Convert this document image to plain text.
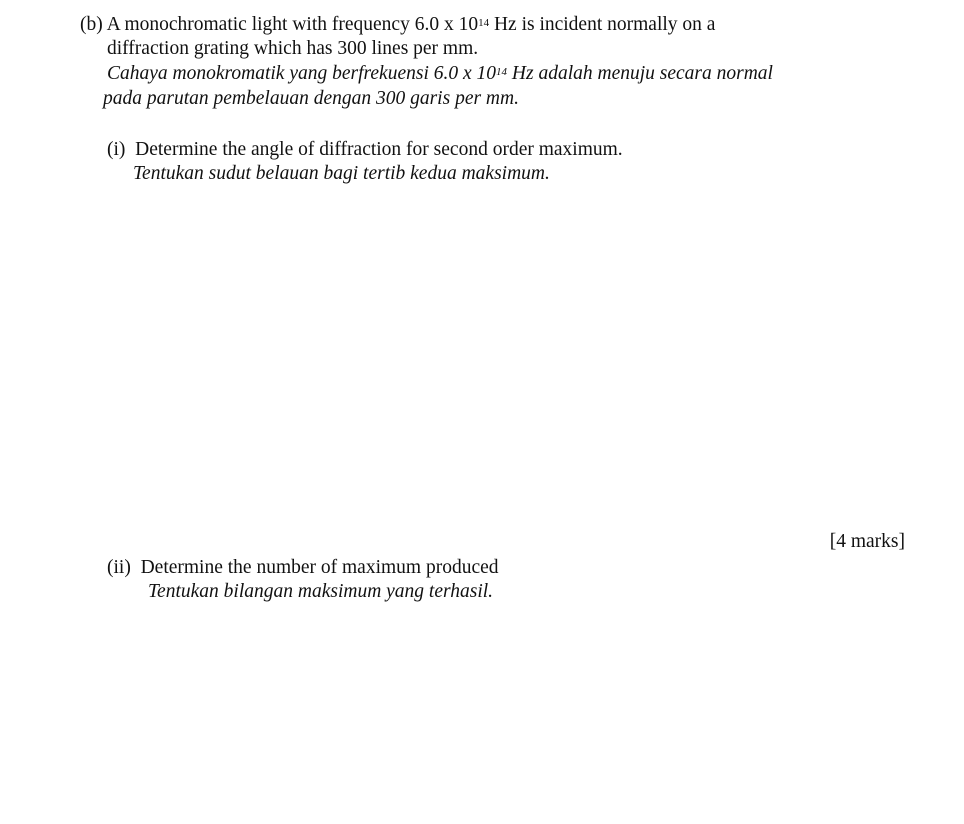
(b) A monochromatic light with frequency 6.0 x $10^{14}$ Hz is incident normally on a
diffraction grating which has 300 lines per mm.
Cahaya monokromatik yang berfrekuensi 6.0 x $10^{14}$ Hz adalah menuju secara normal
pada parutan pembelauan dengan 300 garis per mm.
(i) Determine the angle of diffraction for second order maximum.
Tentukan sudut belauan bagi tertib kedua maksimum.
[4 marks]
(ii) Determine the number of maximum produced
Tentukan bilangan maksimum yang terhasil.
